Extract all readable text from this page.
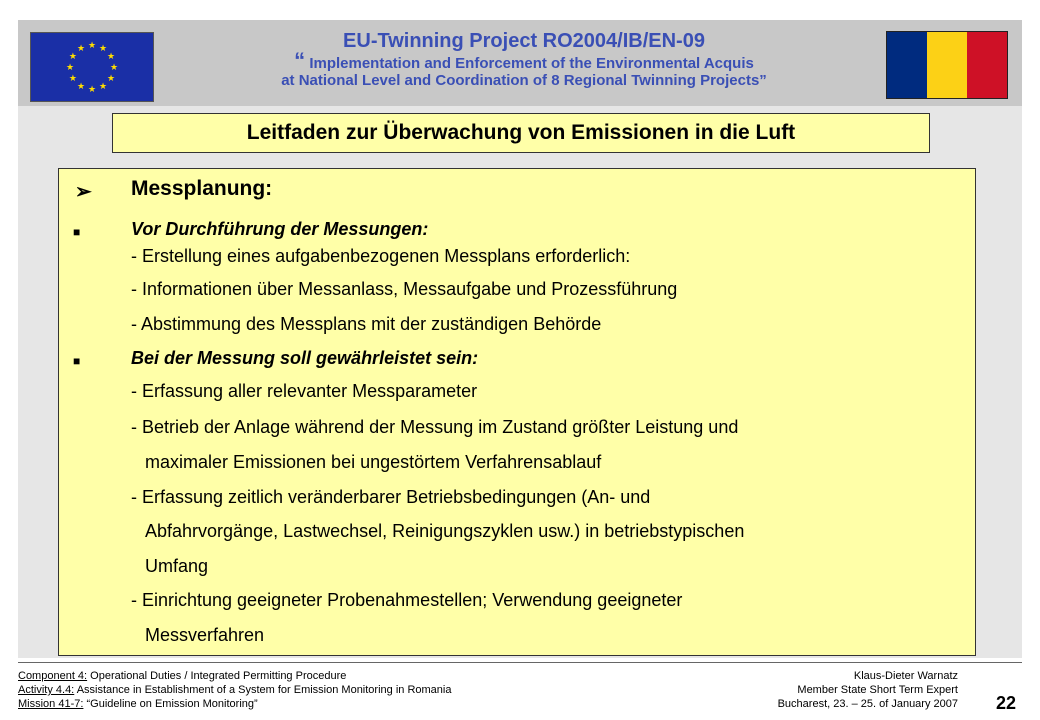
★ ★
★
★
★
★
★
★
★
★
★
★	EU-Twinning Project RO2004/IB/EN-09
“ Implementation and Enforcement of the Environmental Acquis
at National Level and Coordination of 8 Regional Twinning Projects”
Leitfaden zur Überwachung von Emissionen in die Luft
➢ Messplanung:
■	Vor Durchführung der Messungen:
- Erstellung eines aufgabenbezogenen Messplans erforderlich:
- Informationen über Messanlass, Messaufgabe und Prozessführung
- Abstimmung des Messplans mit der zuständigen Behörde
■	Bei der Messung soll gewährleistet sein:
- Erfassung aller relevanter Messparameter
- Betrieb der Anlage während der Messung im Zustand größter Leistung und
maximaler Emissionen bei ungestörtem Verfahrensablauf
- Erfassung zeitlich veränderbarer Betriebsbedingungen (An- und
Abfahrvorgänge, Lastwechsel, Reinigungszyklen usw.) in betriebstypischen
Umfang
- Einrichtung geeigneter Probenahmestellen; Verwendung geeigneter
Messverfahren
Component 4: Operational Duties / Integrated Permitting Procedure
Activity 4.4: Assistance in Establishment of a System for Emission Monitoring in Romania
Mission 41-7: “Guideline on Emission Monitoring”
Klaus-Dieter Warnatz
Member State Short Term Expert
Bucharest, 23. – 25. of January 2007 22
